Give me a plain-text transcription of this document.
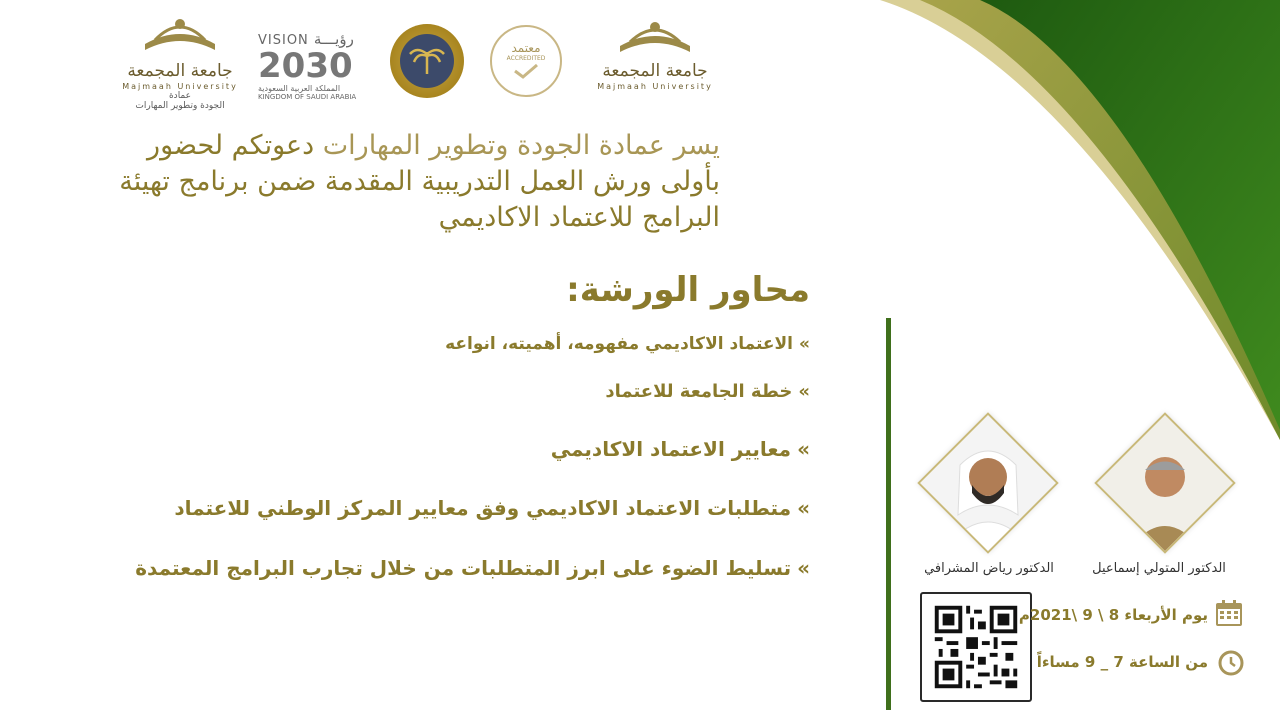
جامعة المجمعة
Majmaah University
عمادة
الجودة وتطوير المهارات
VISION رؤيـــة
2030
المملكة العربية السعودية
KINGDOM OF SAUDI ARABIA
معتمد
ACCREDITED
جامعة المجمعة
Majmaah University
يسر عمادة الجودة وتطوير المهارات دعوتكم لحضور
بأولى ورش العمل التدريبية المقدمة ضمن برنامج تهيئة
البرامج للاعتماد الاكاديمي
محاور الورشة:
»الاعتماد الاكاديمي مفهومه، أهميته، انواعه
»خطة الجامعة للاعتماد
»معايير الاعتماد الاكاديمي
»متطلبات الاعتماد الاكاديمي وفق معايير المركز الوطني للاعتماد
»تسليط الضوء على ابرز المتطلبات من خلال تجارب البرامج المعتمدة	الدكتور المتولي إسماعيل
الدكتور رياض المشرافي
يوم الأربعاء 8 \ 9 \2021م
من الساعة 7 _ 9 مساءاً
